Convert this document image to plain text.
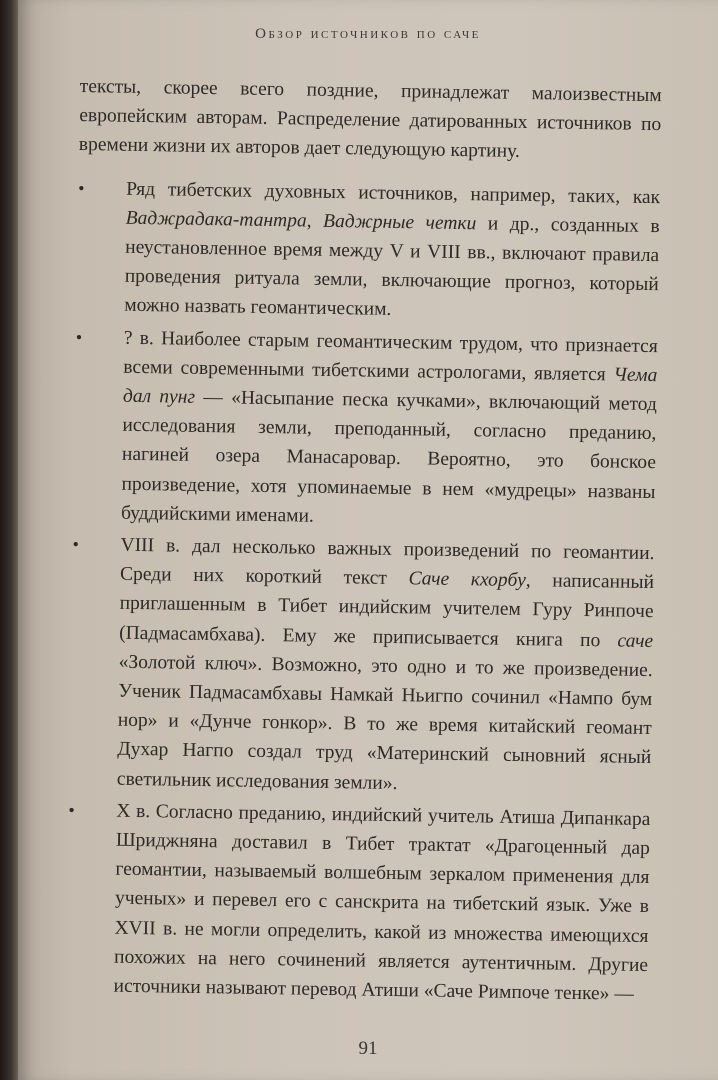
Обзор источников по саче

тексты, скорее всего поздние, принадлежат малоизвестным европейским авторам. Распределение датированных источников по времени жизни их авторов дает следующую картину.

• Ряд тибетских духовных источников, например, таких, как Ваджрадака-тантра, Ваджрные четки и др., созданных в неустановленное время между V и VIII вв., включают правила проведения ритуала земли, включающие прогноз, который можно назвать геомантическим.
• ? в. Наиболее старым геомантическим трудом, что признается всеми современными тибетскими астрологами, является Чема дал пунг — «Насыпание песка кучками», включающий метод исследования земли, преподанный, согласно преданию, нагиней озера Манасаровар. Вероятно, это бонское произведение, хотя упоминаемые в нем «мудрецы» названы буддийскими именами.
• VIII в. дал несколько важных произведений по геомантии. Среди них короткий текст Саче кхорбу, написанный приглашенным в Тибет индийским учителем Гуру Ринпоче (Падмасамбхава). Ему же приписывается книга по саче «Золотой ключ». Возможно, это одно и то же произведение. Ученик Падмасамбхавы Намкай Ньигпо сочинил «Нампо бум нор» и «Дунче гонкор». В то же время китайский геомант Духар Нагпо создал труд «Материнский сыновний ясный светильник исследования земли».
• X в. Согласно преданию, индийский учитель Атиша Дипанкара Шриджняна доставил в Тибет трактат «Драгоценный дар геомантии, называемый волшебным зеркалом применения для ученых» и перевел его с санскрита на тибетский язык. Уже в XVII в. не могли определить, какой из множества имеющихся похожих на него сочинений является аутентичным. Другие источники называют перевод Атиши «Саче Римпоче тенке» —
91
